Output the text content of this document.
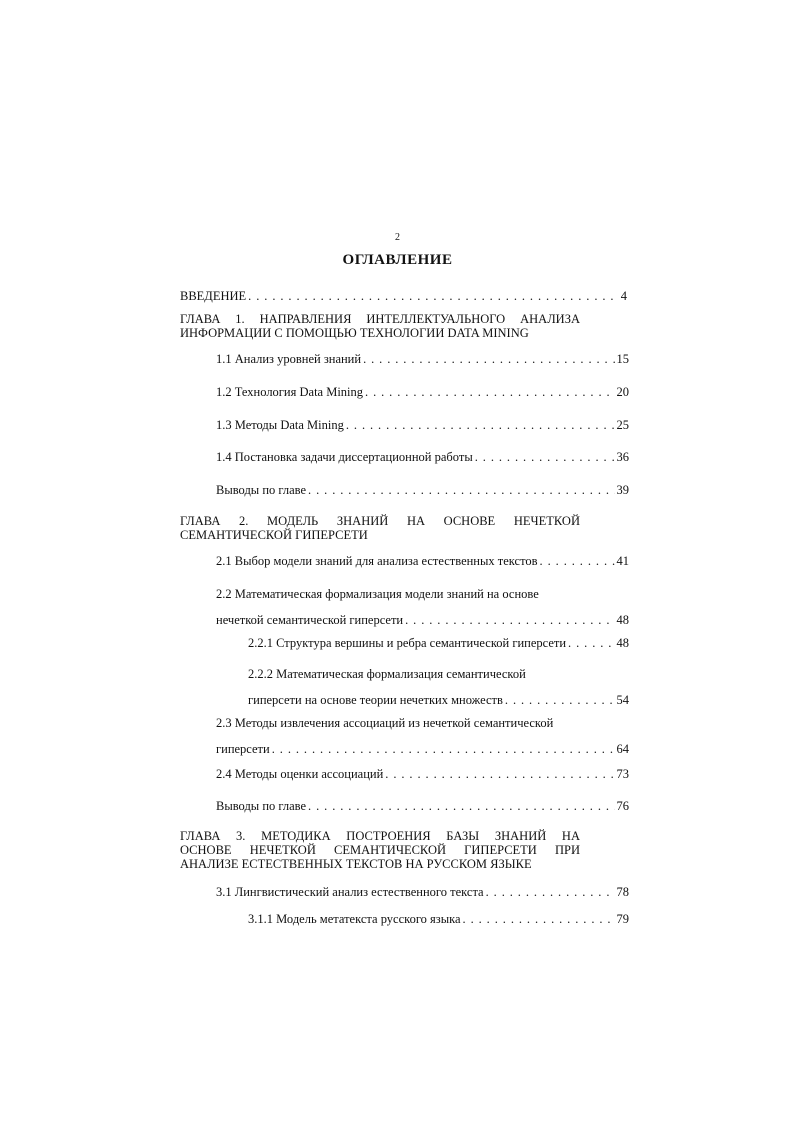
2
ОГЛАВЛЕНИЕ
ВВЕДЕНИЕ . . .	4
ГЛАВА 1. НАПРАВЛЕНИЯ ИНТЕЛЛЕКТУАЛЬНОГО АНАЛИЗА
ИНФОРМАЦИИ С ПОМОЩЬЮ ТЕХНОЛОГИИ DATA MINING
1.1 Анализ уровней знаний . . .	15
1.2 Технология Data Mining . . .	20
1.3 Методы Data Mining . . .	25
1.4 Постановка задачи диссертационной работы . . .	36
Выводы по главе . . .	39
ГЛАВА 2. МОДЕЛЬ ЗНАНИЙ НА ОСНОВЕ НЕЧЕТКОЙ
СЕМАНТИЧЕСКОЙ ГИПЕРСЕТИ
2.1 Выбор модели знаний для анализа естественных текстов . . .	41
2.2 Математическая формализация модели знаний на основе
нечеткой семантической гиперсети . . .	48
2.2.1 Структура вершины и ребра семантической гиперсети . . .	48
2.2.2 Математическая формализация семантической
гиперсети на основе теории нечетких множеств . . .	54
2.3 Методы извлечения ассоциаций из нечеткой семантической
гиперсети . . .	64
2.4 Методы оценки ассоциаций . . .	73
Выводы по главе . . .	76
ГЛАВА 3. МЕТОДИКА ПОСТРОЕНИЯ БАЗЫ ЗНАНИЙ НА
ОСНОВЕ НЕЧЕТКОЙ СЕМАНТИЧЕСКОЙ ГИПЕРСЕТИ ПРИ
АНАЛИЗЕ ЕСТЕСТВЕННЫХ ТЕКСТОВ НА РУССКОМ ЯЗЫКЕ
3.1 Лингвистический анализ естественного текста . . .	78
3.1.1 Модель метатекста русского языка . . .	79
